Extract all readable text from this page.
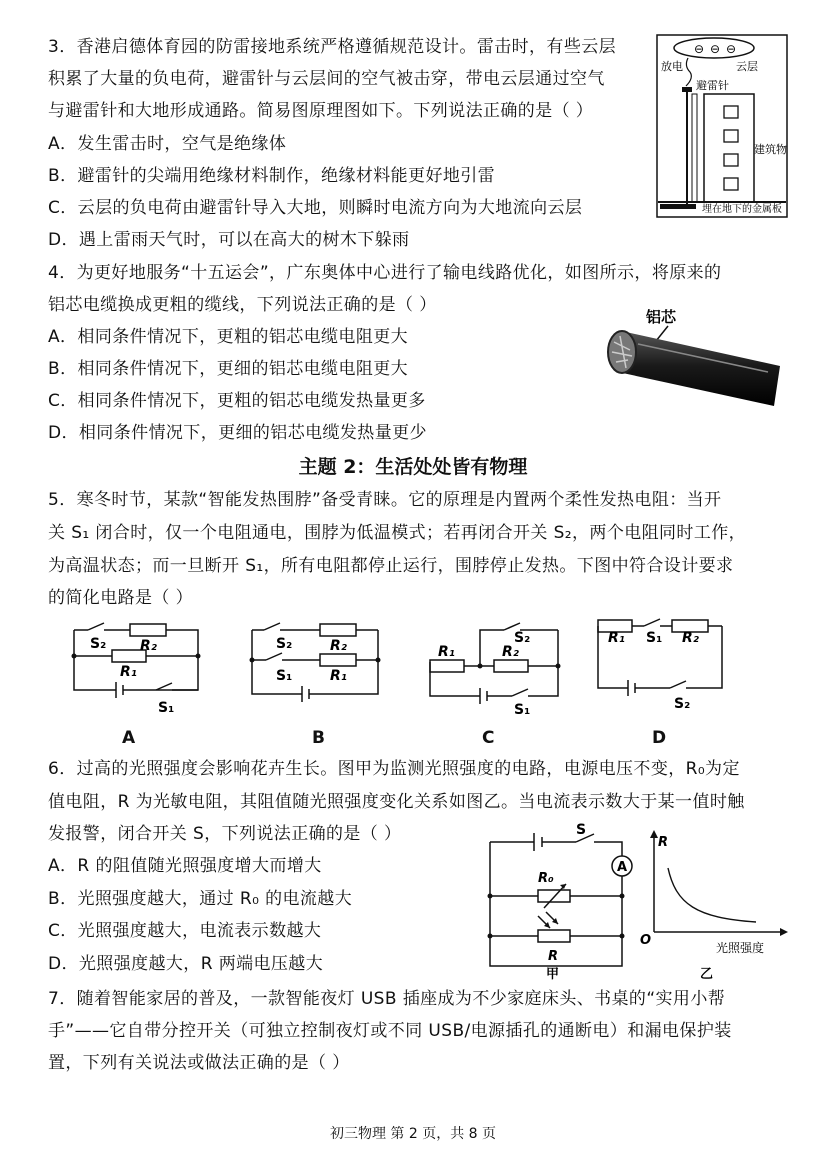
3．香港启德体育园的防雷接地系统严格遵循规范设计。雷击时，有些云层
积累了大量的负电荷，避雷针与云层间的空气被击穿，带电云层通过空气
与避雷针和大地形成通路。简易图原理图如下。下列说法正确的是（ ）
A．发生雷击时，空气是绝缘体
B．避雷针的尖端用绝缘材料制作，绝缘材料能更好地引雷
C．云层的负电荷由避雷针导入大地，则瞬时电流方向为大地流向云层
D．遇上雷雨天气时，可以在高大的树木下躲雨
⊖ ⊖ ⊖
放电	云层
避雷针
建筑物
埋在地下的金属板
4．为更好地服务“十五运会”，广东奥体中心进行了输电线路优化，如图所示，将原来的
铝芯电缆换成更粗的缆线，下列说法正确的是（ ）
A．相同条件情况下，更粗的铝芯电缆电阻更大
B．相同条件情况下，更细的铝芯电缆电阻更大
C．相同条件情况下，更粗的铝芯电缆发热量更多
D．相同条件情况下，更细的铝芯电缆发热量更少
铝芯
主题 2：生活处处皆有物理
5．寒冬时节，某款“智能发热围脖”备受青睐。它的原理是内置两个柔性发热电阻：当开
关 S₁ 闭合时，仅一个电阻通电，围脖为低温模式；若再闭合开关 S₂，两个电阻同时工作，
为高温状态；而一旦断开 S₁，所有电阻都停止运行，围脖停止发热。下图中符合设计要求
的简化电路是（ ）
S₂ R₂
R₁
S₁
A
S₂	R₂
S₁	R₁
B
R₁
S₂
R₂
S₁
C
R₁ S₁ R₂
S₂
D
6．过高的光照强度会影响花卉生长。图甲为监测光照强度的电路，电源电压不变，R₀为定
值电阻，R 为光敏电阻，其阻值随光照强度变化关系如图乙。当电流表示数大于某一值时触
发报警，闭合开关 S，下列说法正确的是（ ）
A．R 的阻值随光照强度增大而增大
B．光照强度越大，通过 R₀ 的电流越大
C．光照强度越大，电流表示数越大
D．光照强度越大，R 两端电压越大
S
A
R₀
R
甲
R
O	光照强度
乙
7．随着智能家居的普及，一款智能夜灯 USB 插座成为不少家庭床头、书桌的“实用小帮
手”——它自带分控开关（可独立控制夜灯或不同 USB/电源插孔的通断电）和漏电保护装
置，下列有关说法或做法正确的是（ ）
初三物理 第 2 页，共 8 页
